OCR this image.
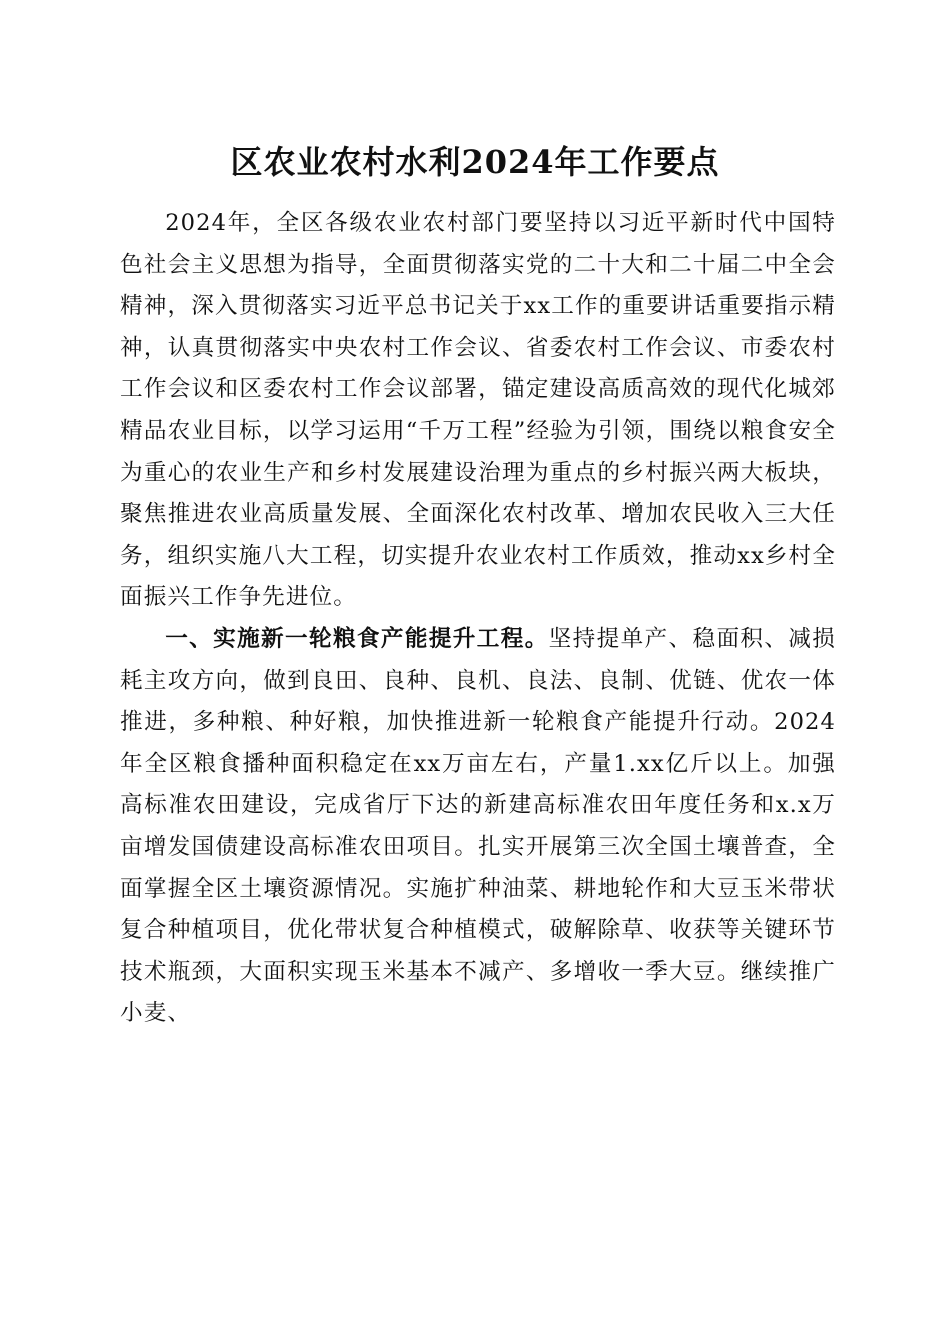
区农业农村水利2024年工作要点

2024年，全区各级农业农村部门要坚持以习近平新时代中国特色社会主义思想为指导，全面贯彻落实党的二十大和二十届二中全会精神，深入贯彻落实习近平总书记关于xx工作的重要讲话重要指示精神，认真贯彻落实中央农村工作会议、省委农村工作会议、市委农村工作会议和区委农村工作会议部署，锚定建设高质高效的现代化城郊精品农业目标，以学习运用“千万工程”经验为引领，围绕以粮食安全为重心的农业生产和乡村发展建设治理为重点的乡村振兴两大板块，聚焦推进农业高质量发展、全面深化农村改革、增加农民收入三大任务，组织实施八大工程，切实提升农业农村工作质效，推动xx乡村全面振兴工作争先进位。

一、实施新一轮粮食产能提升工程。坚持提单产、稳面积、减损耗主攻方向，做到良田、良种、良机、良法、良制、优链、优农一体推进，多种粮、种好粮，加快推进新一轮粮食产能提升行动。2024年全区粮食播种面积稳定在xx万亩左右，产量1.xx亿斤以上。加强高标准农田建设，完成省厅下达的新建高标准农田年度任务和x.x万亩增发国债建设高标准农田项目。扎实开展第三次全国土壤普查，全面掌握全区土壤资源情况。实施扩种油菜、耕地轮作和大豆玉米带状复合种植项目，优化带状复合种植模式，破解除草、收获等关键环节技术瓶颈，大面积实现玉米基本不减产、多增收一季大豆。继续推广小麦、
